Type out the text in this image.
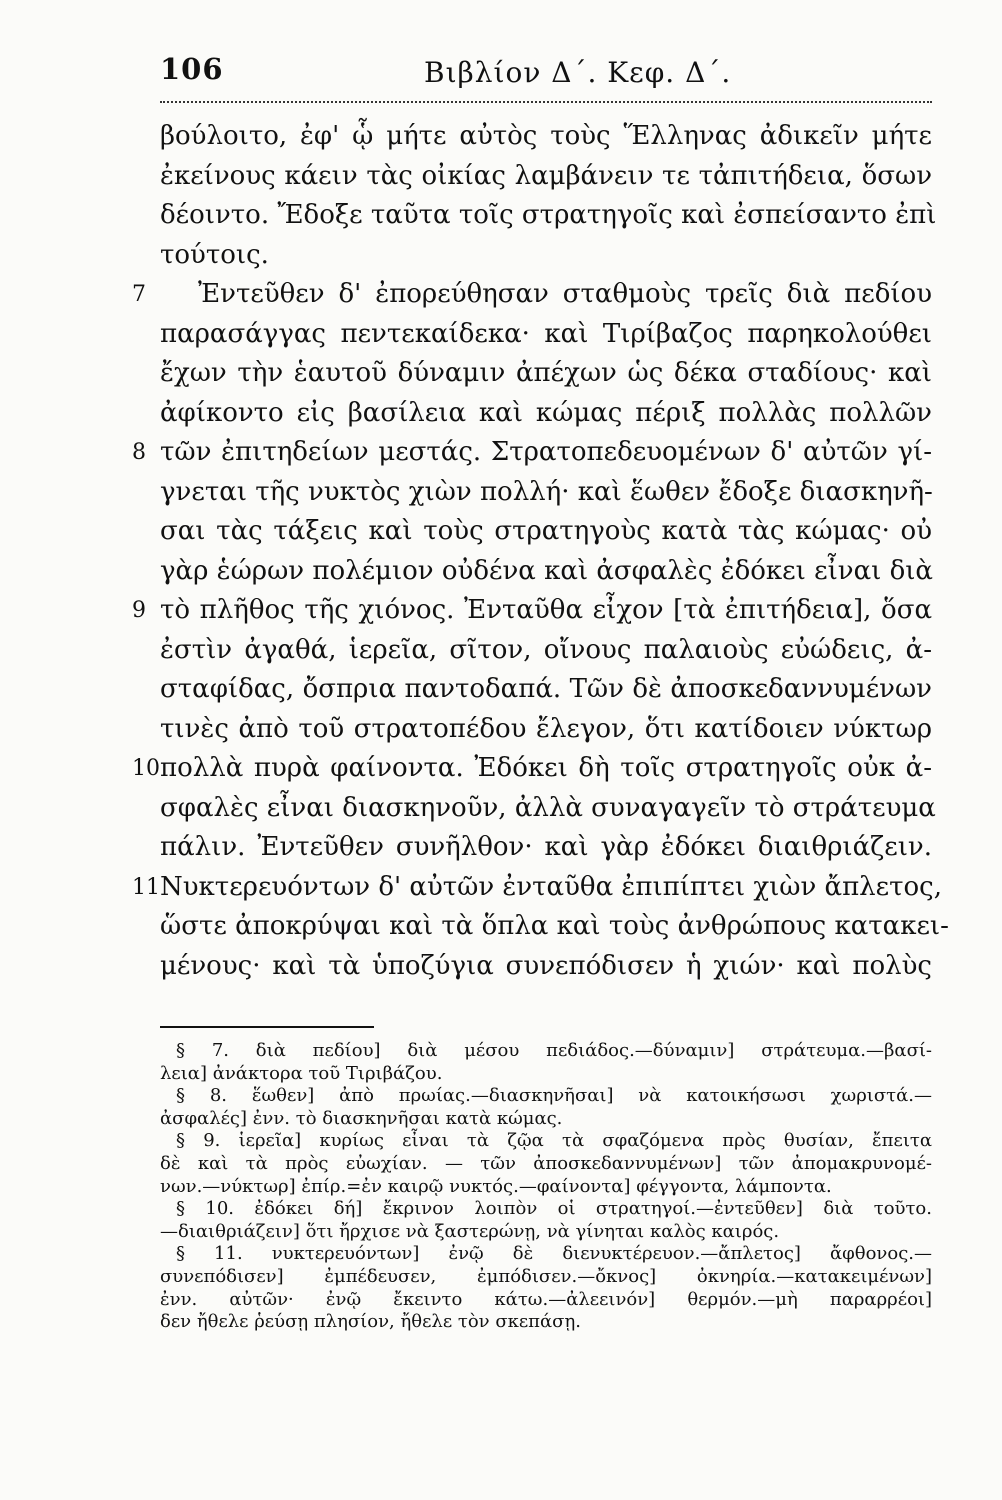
106	Βιβλίον Δ΄. Κεφ. Δ΄.
βούλοιτο, ἐφ' ᾧ μήτε αὐτὸς τοὺς Ἕλληνας ἀδικεῖν μήτε
ἐκείνους κάειν τὰς οἰκίας λαμβάνειν τε τἀπιτήδεια, ὅσων
δέοιντο. Ἔδοξε ταῦτα τοῖς στρατηγοῖς καὶ ἐσπείσαντο ἐπὶ
τούτοις.
7	Ἐντεῦθεν δ' ἐπορεύθησαν σταθμοὺς τρεῖς διὰ πεδίου
παρασάγγας πεντεκαίδεκα· καὶ Τιρίβαζος παρηκολούθει
ἔχων τὴν ἑαυτοῦ δύναμιν ἀπέχων ὡς δέκα σταδίους· καὶ
ἀφίκοντο εἰς βασίλεια καὶ κώμας πέριξ πολλὰς πολλῶν
8 τῶν ἐπιτηδείων μεστάς. Στρατοπεδευομένων δ' αὐτῶν γί-
γνεται τῆς νυκτὸς χιὼν πολλή· καὶ ἕωθεν ἔδοξε διασκηνῆ-
σαι τὰς τάξεις καὶ τοὺς στρατηγοὺς κατὰ τὰς κώμας· οὐ
γὰρ ἑώρων πολέμιον οὐδένα καὶ ἀσφαλὲς ἐδόκει εἶναι διὰ
9 τὸ πλῆθος τῆς χιόνος. Ἐνταῦθα εἶχον [τὰ ἐπιτήδεια], ὅσα
ἐστὶν ἀγαθά, ἱερεῖα, σῖτον, οἴνους παλαιοὺς εὐώδεις, ἀ-
σταφίδας, ὄσπρια παντοδαπά. Τῶν δὲ ἀποσκεδαννυμένων
τινὲς ἀπὸ τοῦ στρατοπέδου ἔλεγον, ὅτι κατίδοιεν νύκτωρ
10 πολλὰ πυρὰ φαίνοντα. Ἐδόκει δὴ τοῖς στρατηγοῖς οὐκ ἀ-
σφαλὲς εἶναι διασκηνοῦν, ἀλλὰ συναγαγεῖν τὸ στράτευμα
πάλιν. Ἐντεῦθεν συνῆλθον· καὶ γὰρ ἐδόκει διαιθριάζειν.
11 Νυκτερευόντων δ' αὐτῶν ἐνταῦθα ἐπιπίπτει χιὼν ἄπλετος,
ὥστε ἀποκρύψαι καὶ τὰ ὅπλα καὶ τοὺς ἀνθρώπους κατακει-
μένους· καὶ τὰ ὑποζύγια συνεπόδισεν ἡ χιών· καὶ πολὺς
§ 7. διὰ πεδίου] διὰ μέσου πεδιάδος.—δύναμιν] στράτευμα.—βασί-
λεια] ἀνάκτορα τοῦ Τιριβάζου.
§ 8. ἕωθεν] ἀπὸ πρωίας.—διασκηνῆσαι] νὰ κατοικήσωσι χωριστά.—
ἀσφαλές] ἐνν. τὸ διασκηνῆσαι κατὰ κώμας.
§ 9. ἱερεῖα] κυρίως εἶναι τὰ ζῷα τὰ σφαζόμενα πρὸς θυσίαν, ἔπειτα
δὲ καὶ τὰ πρὸς εὐωχίαν. — τῶν ἀποσκεδαννυμένων] τῶν ἀπομακρυνομέ-
νων.—νύκτωρ] ἐπίρ.=ἐν καιρῷ νυκτός.—φαίνοντα] φέγγοντα, λάμποντα.
§ 10. ἐδόκει δή] ἔκρινον λοιπὸν οἱ στρατηγοί.—ἐντεῦθεν] διὰ τοῦτο.
—διαιθριάζειν] ὅτι ἤρχισε νὰ ξαστερώνῃ, νὰ γίνηται καλὸς καιρός.
§ 11. νυκτερευόντων] ἐνῷ δὲ διενυκτέρευον.—ἄπλετος] ἄφθονος.—
συνεπόδισεν] ἐμπέδευσεν, ἐμπόδισεν.—ὄκνος] ὀκνηρία.—κατακειμένων]
ἐνν. αὐτῶν· ἐνῷ ἔκειντο κάτω.—ἀλεεινόν] θερμόν.—μὴ παραρρέοι]
δεν ἤθελε ῥεύσῃ πλησίον, ἤθελε τὸν σκεπάσῃ.
